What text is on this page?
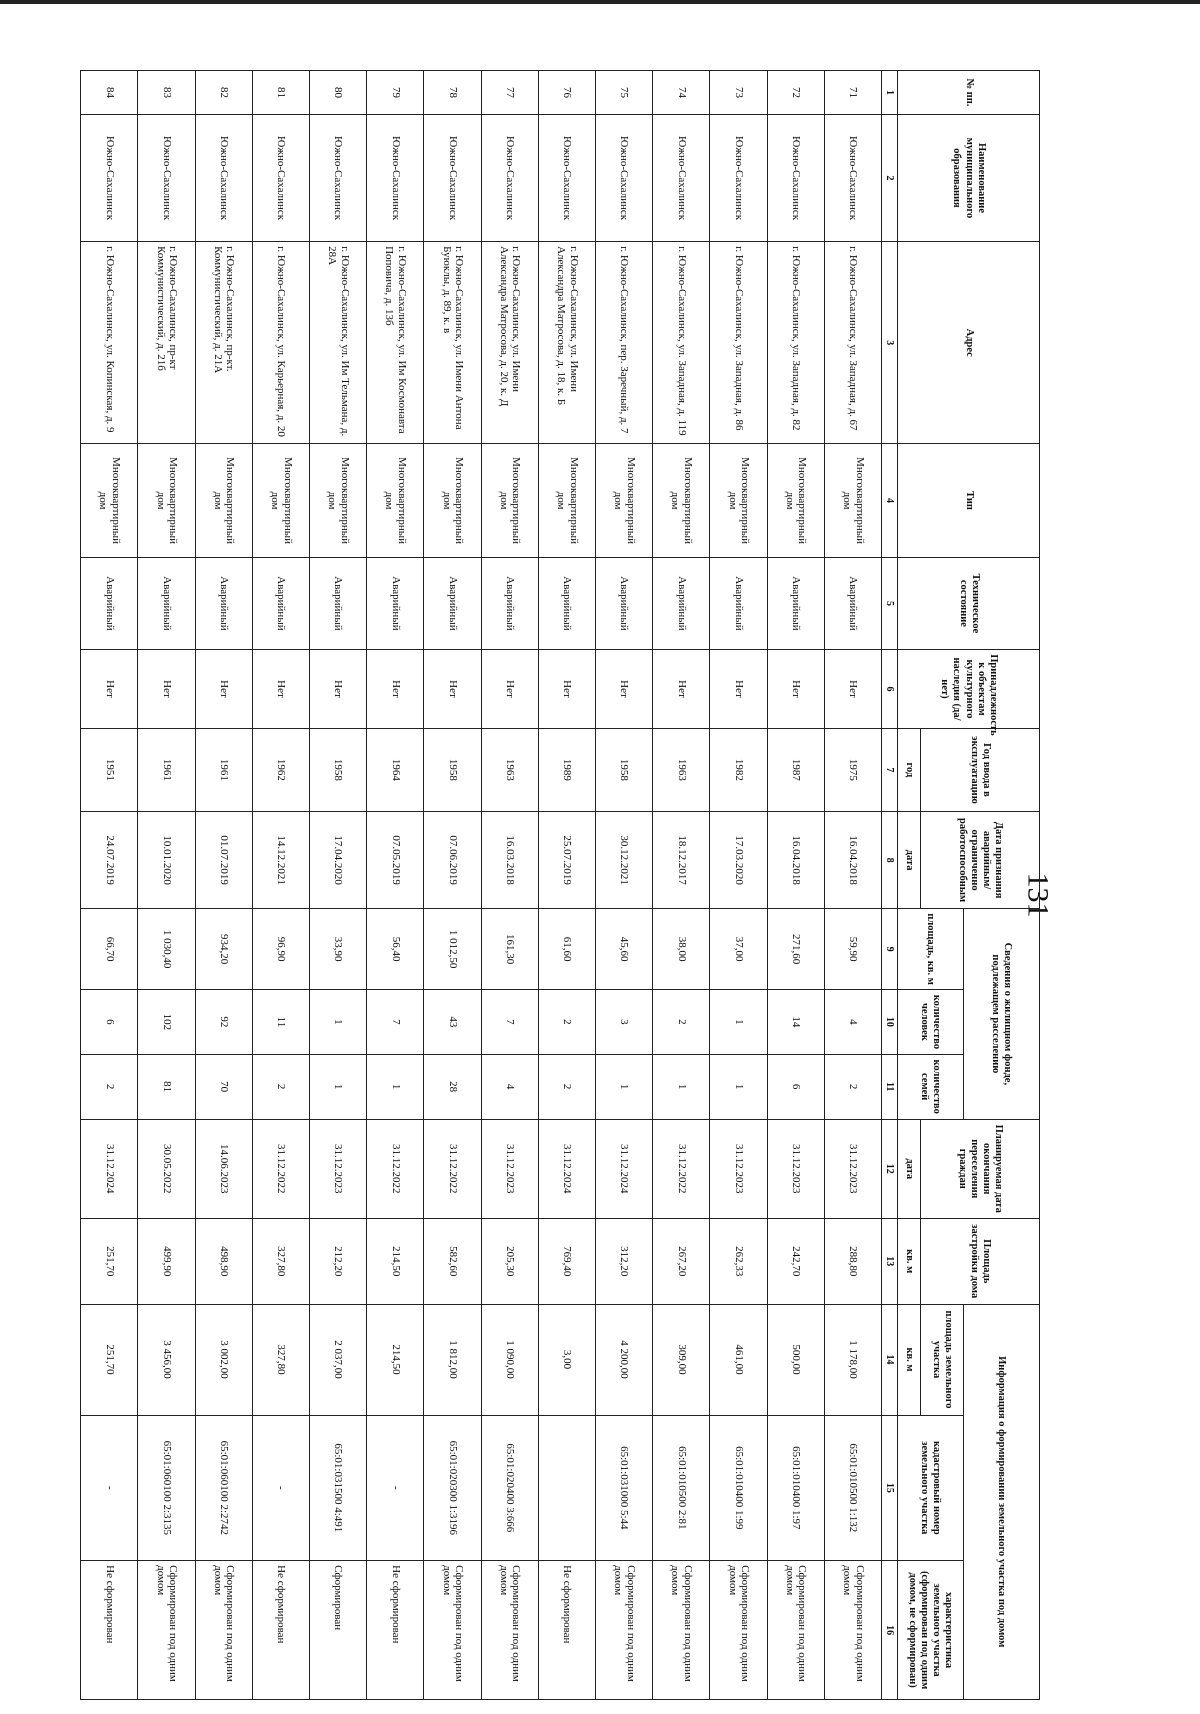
131
№ пп.	Наименование муниципального образования	Адрес	Тип	Техническое состояние	Принадлежность к объектам культурного наследия (да/нет)	Год ввода в эксплуатацию	Дата признания аварийным/ограниченно работоспособным	Сведения о жилищном фонде, подлежащем расселению			Планируемая дата окончания переселения граждан	Площадь застройки дома	Информация о формировании земельного участка под домом		
								площадь, кв. м	количество человек	количество семей			площадь земельного участка	кадастровый номер земельного участка	характеристика земельного участка (сформирован под одним домом, не сформирован)
						год	дата				дата	кв. м	кв. м		
1	2	3	4	5	6	7	8	9	10	11	12	13	14	15	16
71	Южно-Сахалинск	г. Южно-Сахалинск, ул. Западная, д. 67	Многоквартирный дом	Аварийный	Нет	1975	16.04.2018	59,90	4	2	31.12.2023	288,80	1 178,00	65:01:010500 1:132	Сформирован под одним домом
72	Южно-Сахалинск	г. Южно-Сахалинск, ул. Западная, д. 82	Многоквартирный дом	Аварийный	Нет	1987	16.04.2018	271,60	14	6	31.12.2023	242,70	500,00	65:01:010400 1:97	Сформирован под одним домом
73	Южно-Сахалинск	г. Южно-Сахалинск, ул. Западная, д. 86	Многоквартирный дом	Аварийный	Нет	1982	17.03.2020	37,00	1	1	31.12.2023	262,33	461,00	65:01:010400 1:99	Сформирован под одним домом
74	Южно-Сахалинск	г. Южно-Сахалинск, ул. Западная, д. 119	Многоквартирный дом	Аварийный	Нет	1963	18.12.2017	38,00	2	1	31.12.2022	267,20	309,00	65:01:010500 2:81	Сформирован под одним домом
75	Южно-Сахалинск	г. Южно-Сахалинск, пер. Заречный, д. 7	Многоквартирный дом	Аварийный	Нет	1958	30.12.2021	45,60	3	1	31.12.2024	312,20	4 200,00	65:01:031000 5:44	Сформирован под одним домом
76	Южно-Сахалинск	г. Южно-Сахалинск, ул. Имени Александра Матросова, д. 18, к. Б	Многоквартирный дом	Аварийный	Нет	1989	25.07.2019	61,60	2	2	31.12.2024	769,40	3,00		Не сформирован
77	Южно-Сахалинск	г. Южно-Сахалинск, ул. Имени Александра Матросова, д. 20, к. Д	Многоквартирный дом	Аварийный	Нет	1963	16.03.2018	161,30	7	4	31.12.2023	205,30	1 090,00	65:01:020400 3:666	Сформирован под одним домом
78	Южно-Сахалинск	г. Южно-Сахалинск, ул. Имени Антона Буюклы, д. 89, к. в	Многоквартирный дом	Аварийный	Нет	1958	07.06.2019	1 012,50	43	28	31.12.2022	582,60	1 812,00	65:01:020300 1:3196	Сформирован под одним домом
79	Южно-Сахалинск	г. Южно-Сахалинск, ул. Им Космонавта Поповича, д. 13б	Многоквартирный дом	Аварийный	Нет	1964	07.05.2019	56,40	7	1	31.12.2022	214,50	214,50	-	Не сформирован
80	Южно-Сахалинск	г. Южно-Сахалинск, ул. Им Тельмана, д. 28А	Многоквартирный дом	Аварийный	Нет	1958	17.04.2020	33,90	1	1	31.12.2023	212,20	2 037,00	65:01:031500 4:491	Сформирован
81	Южно-Сахалинск	г. Южно-Сахалинск, ул. Карьерная, д. 20	Многоквартирный дом	Аварийный	Нет	1962	14.12.2021	96,90	11	2	31.12.2022	327,80	327,80	-	Не сформирован
82	Южно-Сахалинск	г. Южно-Сахалинск, пр-кт. Коммунистический, д. 21А	Многоквартирный дом	Аварийный	Нет	1961	01.07.2019	934,20	92	70	14.06.2023	498,90	3 002,00	65:01:060100 2:2742	Сформирован под одним домом
83	Южно-Сахалинск	г. Южно-Сахалинск, пр-кт Коммунистический, д. 21б	Многоквартирный дом	Аварийный	Нет	1961	10.01.2020	1 030,40	102	81	30.05.2022	499,90	3 456,00	65:01:060100 2:3135	Сформирован под одним домом
84	Южно-Сахалинск	г. Южно-Сахалинск, ул. Копинская, д. 9	Многоквартирный дом	Аварийный	Нет	1951	24.07.2019	66,70	6	2	31.12.2024	251,70	251,70	-	Не сформирован
